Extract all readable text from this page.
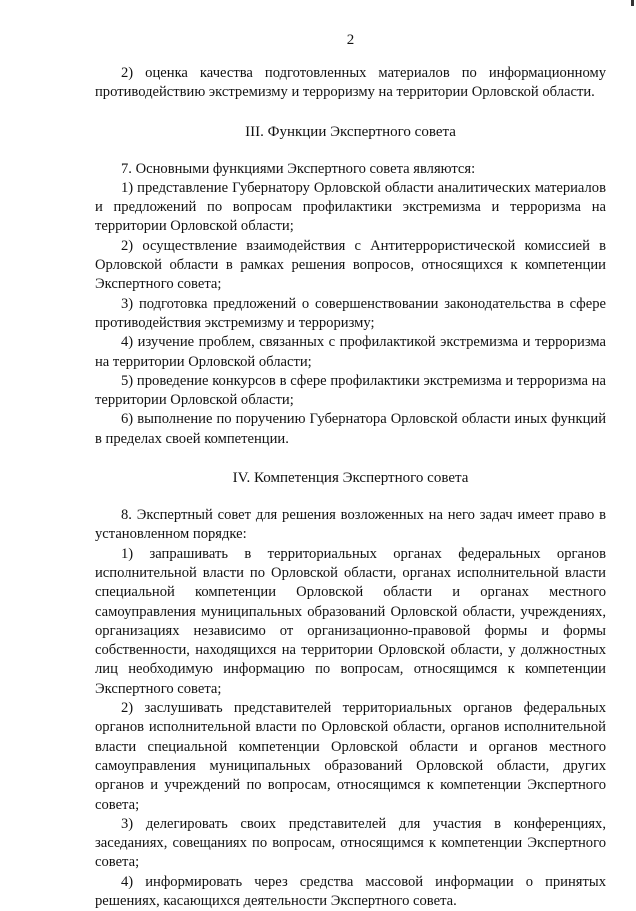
2

2) оценка качества подготовленных материалов по информационному противодействию экстремизму и терроризму на территории Орловской области.

III. Функции Экспертного совета

7. Основными функциями Экспертного совета являются:

1) представление Губернатору Орловской области аналитических материалов и предложений по вопросам профилактики экстремизма и терроризма на территории Орловской области;

2) осуществление взаимодействия с Антитеррористической комиссией в Орловской области в рамках решения вопросов, относящихся к компетенции Экспертного совета;

3) подготовка предложений о совершенствовании законодательства в сфере противодействия экстремизму и терроризму;

4) изучение проблем, связанных с профилактикой экстремизма и терроризма на территории Орловской области;

5) проведение конкурсов в сфере профилактики экстремизма и терроризма на территории Орловской области;

6) выполнение по поручению Губернатора Орловской области иных функций в пределах своей компетенции.

IV. Компетенция Экспертного совета

8. Экспертный совет для решения возложенных на него задач имеет право в установленном порядке:

1) запрашивать в территориальных органах федеральных органов исполнительной власти по Орловской области, органах исполнительной власти специальной компетенции Орловской области и органах местного самоуправления муниципальных образований Орловской области, учреждениях, организациях независимо от организационно-правовой формы и формы собственности, находящихся на территории Орловской области, у должностных лиц необходимую информацию по вопросам, относящимся к компетенции Экспертного совета;

2) заслушивать представителей территориальных органов федеральных органов исполнительной власти по Орловской области, органов исполнительной власти специальной компетенции Орловской области и органов местного самоуправления муниципальных образований Орловской области, других органов и учреждений по вопросам, относящимся к компетенции Экспертного совета;

3) делегировать своих представителей для участия в конференциях, заседаниях, совещаниях по вопросам, относящимся к компетенции Экспертного совета;

4) информировать через средства массовой информации о принятых решениях, касающихся деятельности Экспертного совета.
